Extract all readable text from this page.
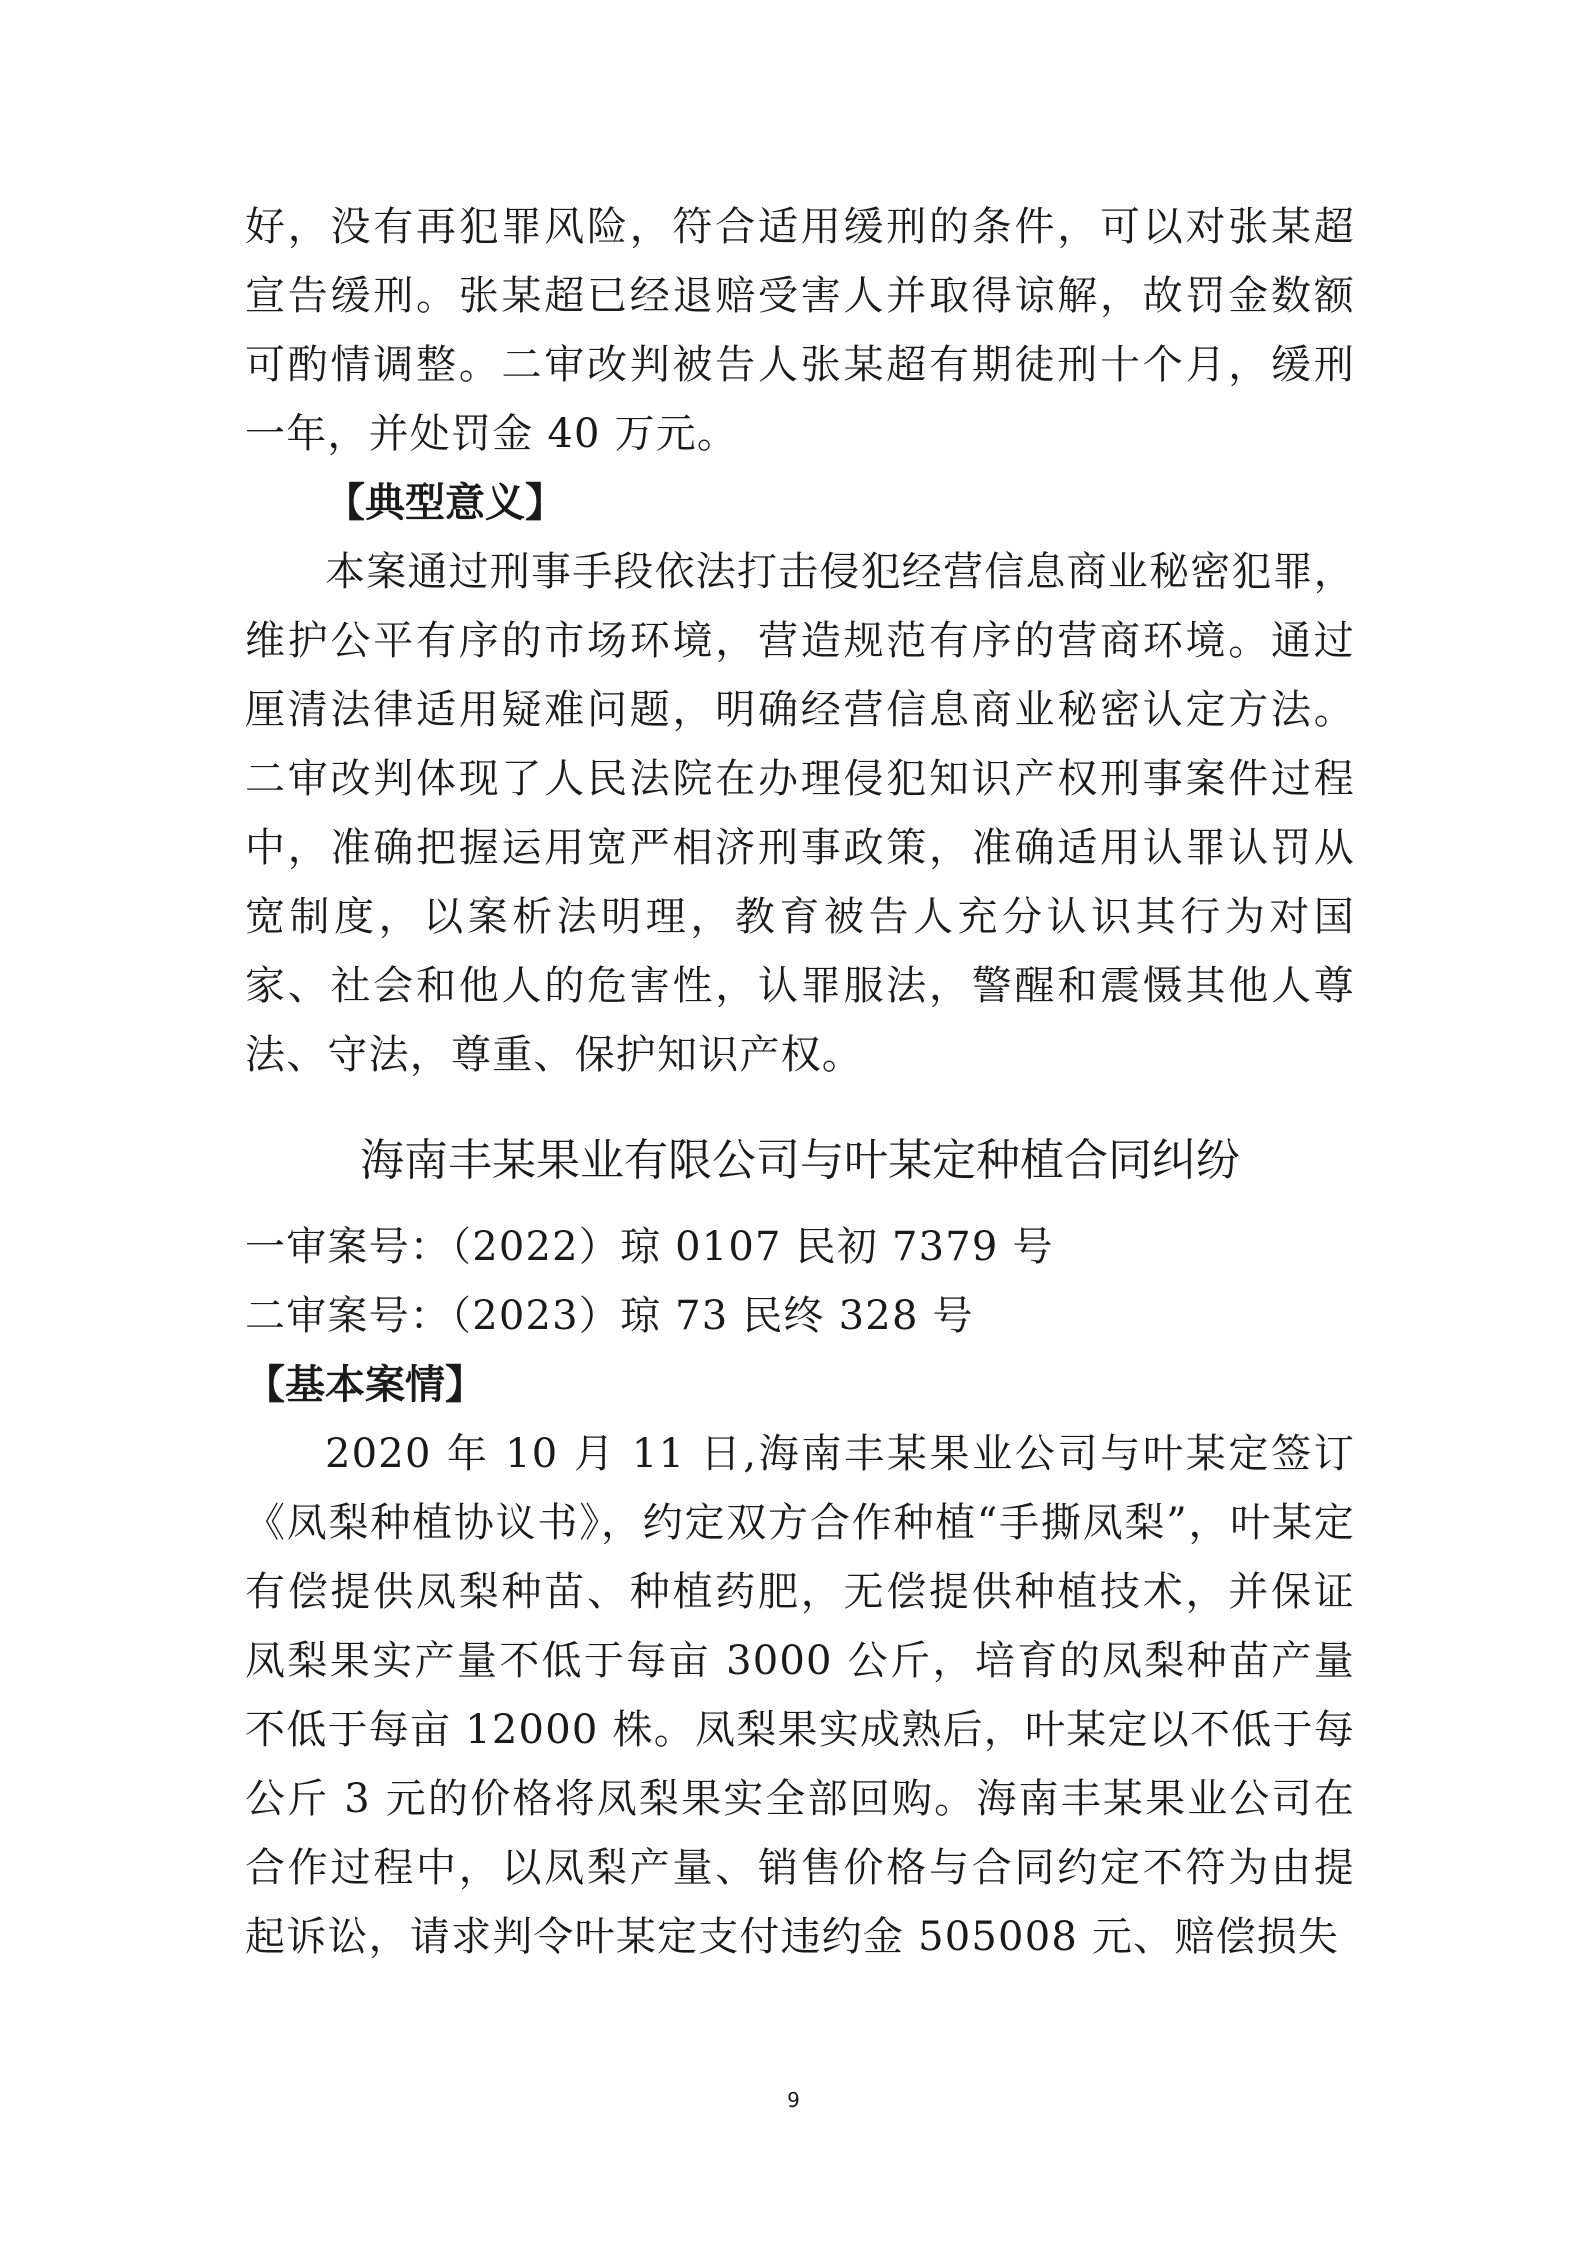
好，没有再犯罪风险，符合适用缓刑的条件，可以对张某超宣告缓刑。张某超已经退赔受害人并取得谅解，故罚金数额可酌情调整。二审改判被告人张某超有期徒刑十个月，缓刑一年，并处罚金 40 万元。

【典型意义】

本案通过刑事手段依法打击侵犯经营信息商业秘密犯罪，维护公平有序的市场环境，营造规范有序的营商环境。通过厘清法律适用疑难问题，明确经营信息商业秘密认定方法。二审改判体现了人民法院在办理侵犯知识产权刑事案件过程中，准确把握运用宽严相济刑事政策，准确适用认罪认罚从宽制度，以案析法明理，教育被告人充分认识其行为对国家、社会和他人的危害性，认罪服法，警醒和震慑其他人尊法、守法，尊重、保护知识产权。

海南丰某果业有限公司与叶某定种植合同纠纷

一审案号：（2022）琼 0107 民初 7379 号

二审案号：（2023）琼 73 民终 328 号

【基本案情】

2020 年 10 月 11 日,海南丰某果业公司与叶某定签订《凤梨种植协议书》，约定双方合作种植“手撕凤梨”，叶某定有偿提供凤梨种苗、种植药肥，无偿提供种植技术，并保证凤梨果实产量不低于每亩 3000 公斤，培育的凤梨种苗产量不低于每亩 12000 株。凤梨果实成熟后，叶某定以不低于每公斤 3 元的价格将凤梨果实全部回购。海南丰某果业公司在合作过程中，以凤梨产量、销售价格与合同约定不符为由提起诉讼，请求判令叶某定支付违约金 505008 元、赔偿损失

9
